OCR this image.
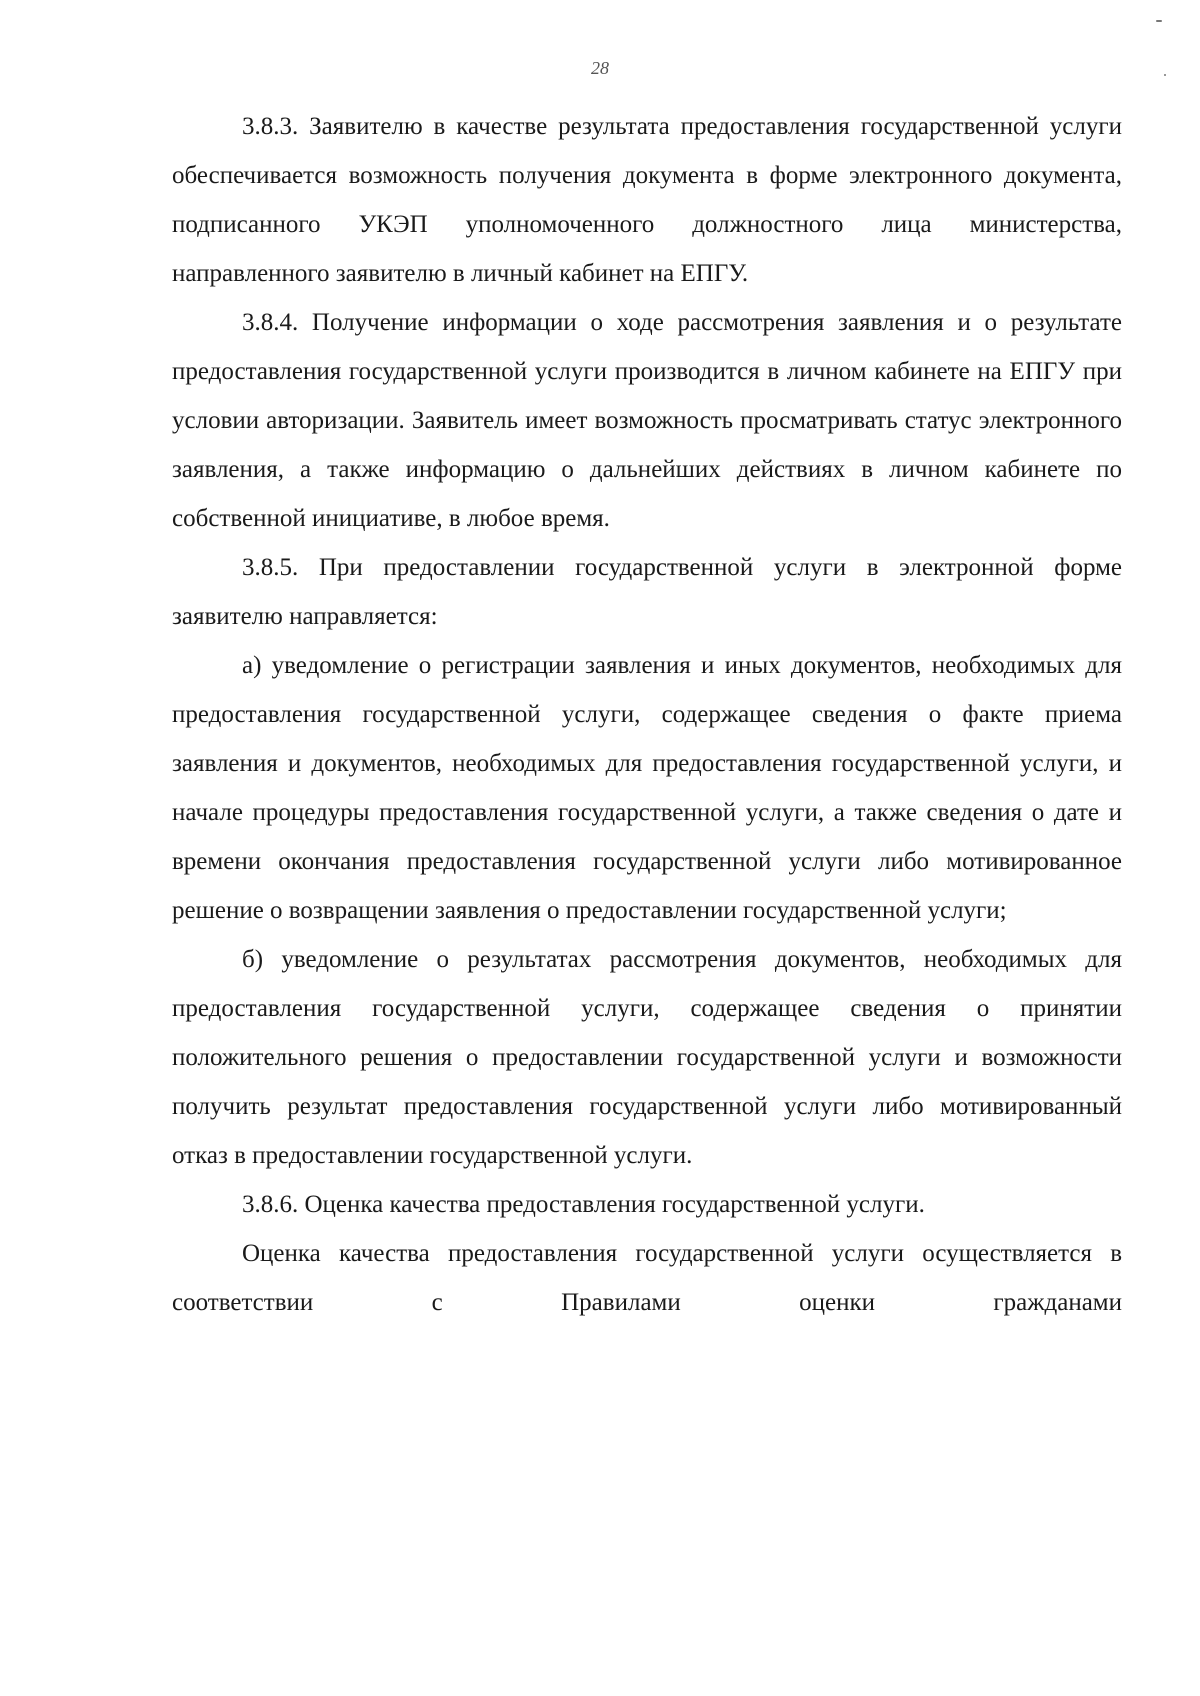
28

3.8.3. Заявителю в качестве результата предоставления государственной услуги обеспечивается возможность получения документа в форме электронного документа, подписанного УКЭП уполномоченного должностного лица министерства, направленного заявителю в личный кабинет на ЕПГУ.

3.8.4. Получение информации о ходе рассмотрения заявления и о результате предоставления государственной услуги производится в личном кабинете на ЕПГУ при условии авторизации. Заявитель имеет возможность просматривать статус электронного заявления, а также информацию о дальнейших действиях в личном кабинете по собственной инициативе, в любое время.

3.8.5. При предоставлении государственной услуги в электронной форме заявителю направляется:

а) уведомление о регистрации заявления и иных документов, необходимых для предоставления государственной услуги, содержащее сведения о факте приема заявления и документов, необходимых для предоставления государственной услуги, и начале процедуры предоставления государственной услуги, а также сведения о дате и времени окончания предоставления государственной услуги либо мотивированное решение о возвращении заявления о предоставлении государственной услуги;

б) уведомление о результатах рассмотрения документов, необходимых для предоставления государственной услуги, содержащее сведения о принятии положительного решения о предоставлении государственной услуги и возможности получить результат предоставления государственной услуги либо мотивированный отказ в предоставлении государственной услуги.

3.8.6. Оценка качества предоставления государственной услуги.

Оценка качества предоставления государственной услуги осуществляется в соответствии с Правилами оценки гражданами
